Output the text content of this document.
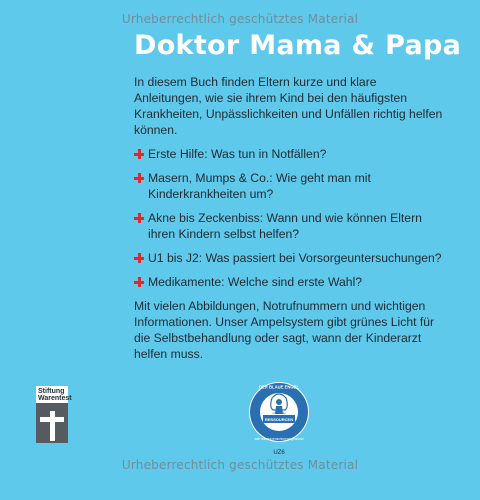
Urheberrechtlich geschütztes Material
Doktor Mama & Papa

In diesem Buch finden Eltern kurze und klare Anleitungen, wie sie ihrem Kind bei den häufigsten Krankheiten, Unpässlichkeiten und Unfällen richtig helfen können.

Erste Hilfe: Was tun in Notfällen?
Masern, Mumps & Co.: Wie geht man mit Kinderkrankheiten um?
Akne bis Zeckenbiss: Wann und wie können Eltern ihren Kindern selbst helfen?
U1 bis J2: Was passiert bei Vorsorgeuntersuchungen?
Medikamente: Welche sind erste Wahl?

Mit vielen Abbildungen, Notrufnummern und wichtigen Informationen. Unser Ampelsystem gibt grünes Licht für die Selbstbehandlung oder sagt, wann der Kinderarzt helfen muss.

Stiftung
Warentest
DER BLAUE ENGEL
weil ressourcenschonend gedruckt
schützt die
RESSOURCEN
UZ6
Urheberrechtlich geschütztes Material
